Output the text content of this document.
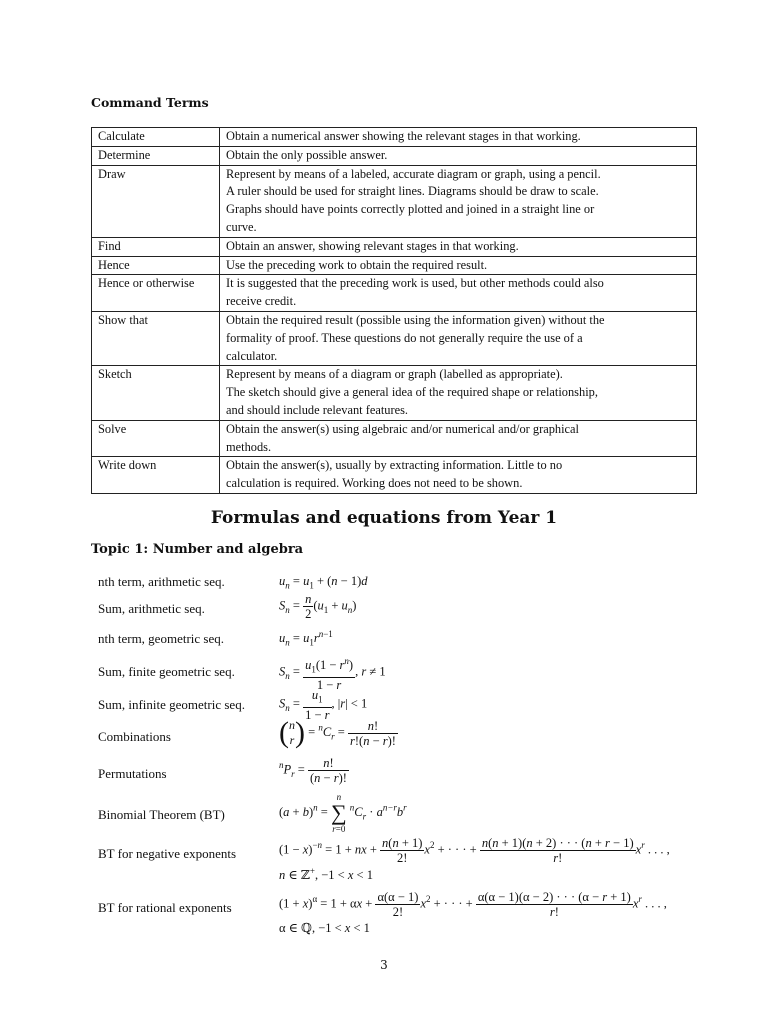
Command Terms
Calculate	Obtain a numerical answer showing the relevant stages in that working.

Determine	Obtain the only possible answer.

Draw	Represent by means of a labeled, accurate diagram or graph, using a pencil.
A ruler should be used for straight lines. Diagrams should be draw to scale.
Graphs should have points correctly plotted and joined in a straight line or
curve.

Find	Obtain an answer, showing relevant stages in that working.

Hence	Use the preceding work to obtain the required result.

Hence or otherwise	It is suggested that the preceding work is used, but other methods could also
receive credit.

Show that	Obtain the required result (possible using the information given) without the
formality of proof. These questions do not generally require the use of a
calculator.

Sketch	Represent by means of a diagram or graph (labelled as appropriate).
The sketch should give a general idea of the required shape or relationship,
and should include relevant features.

Solve	Obtain the answer(s) using algebraic and/or numerical and/or graphical
methods.

Write down	Obtain the answer(s), usually by extracting information. Little to no
calculation is required. Working does not need to be shown.
Formulas and equations from Year 1
Topic 1: Number and algebra
nth term, arithmetic seq.	$u_n = u_1 + (n - 1)d$
Sum, arithmetic seq.	$S_n = \frac{n}{2} (u_1 + u_n)$
nth term, geometric seq.	$u_n = u_1r^{n-1}$
Sum, finite geometric seq.	$S_n = \frac{u_1(1 - r^n)}{1 - r}$ , r ≠ 1
Sum, infinite geometric seq.	$S_n = \frac{u_1}{1 - r}$ , |r| < 1
Combinations	(n
$r) = ^nC_r = \frac{n!}{r!(n - r)!}$
Permutations
$^nP_r = \frac{n!}{(n - r)!}$
Binomial Theorem (BT)	$(a + b)^n$ =
n
∑
r=0
$^nC_r \cdot a^{n-r}b^r$
BT for negative exponents	$(1 - x)^{-n} = 1$ + nx + $\frac{n(n + 1)}{2!} x^2$ + · · · + $\frac{n(n + 1)(n + 2) \cdot \cdot \cdot (n + r - 1)}{r!} x^r$ . . . ,
n ∈ ℤ+, −1 < x < 1
BT for rational exponents	$(1 + x)^\alpha = 1 + \alpha x + \frac{\alpha(\alpha - 1)}{2!} x^2$ + · · · + $\frac{\alpha(\alpha - 1)(\alpha - 2) \cdot \cdot \cdot (\alpha - r + 1)}{r!} x^r$ . . . ,
α ∈ ℚ, −1 < x < 1
3
